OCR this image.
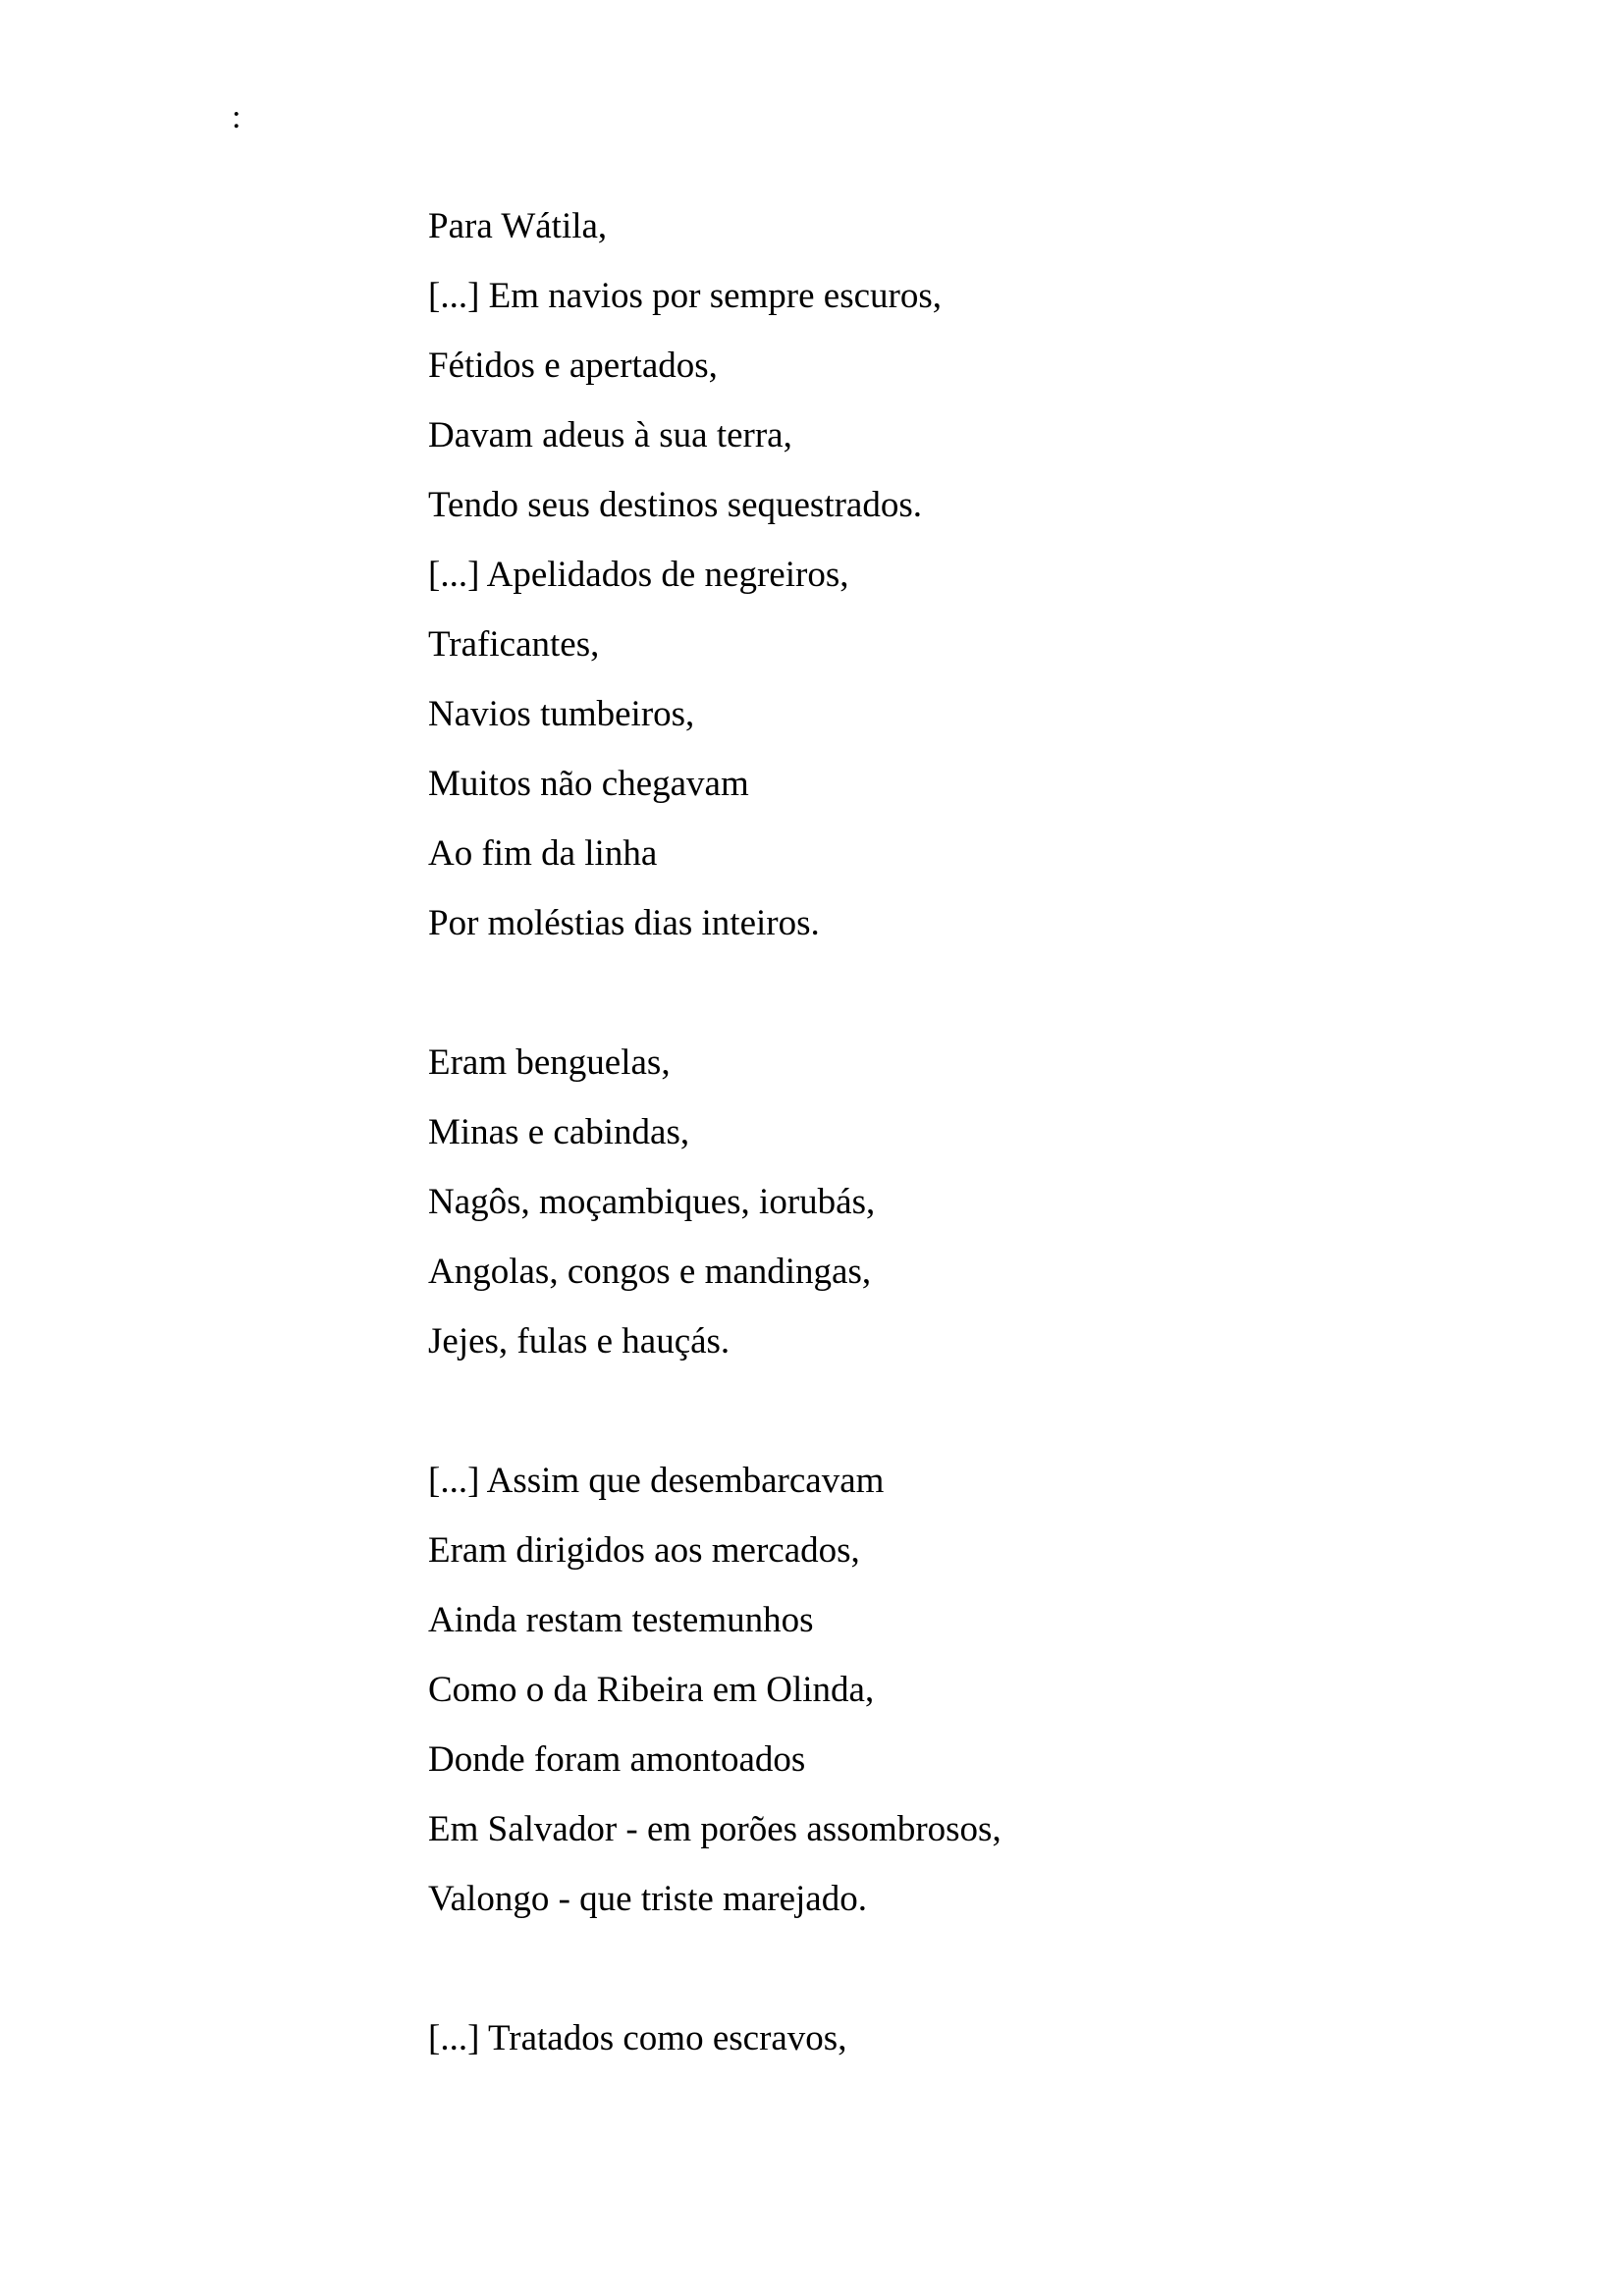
:
Para Wátila,
[...] Em navios por sempre escuros,
Fétidos e apertados,
Davam adeus à sua terra,
Tendo seus destinos sequestrados.
[...] Apelidados de negreiros,
Traficantes,
Navios tumbeiros,
Muitos não chegavam
Ao fim da linha
Por moléstias dias inteiros.
Eram benguelas,
Minas e cabindas,
Nagôs, moçambiques, iorubás,
Angolas, congos e mandingas,
Jejes, fulas e hauçás.
[...] Assim que desembarcavam
Eram dirigidos aos mercados,
Ainda restam testemunhos
Como o da Ribeira em Olinda,
Donde foram amontoados
Em Salvador - em porões assombrosos,
Valongo - que triste marejado.
[...] Tratados como escravos,
